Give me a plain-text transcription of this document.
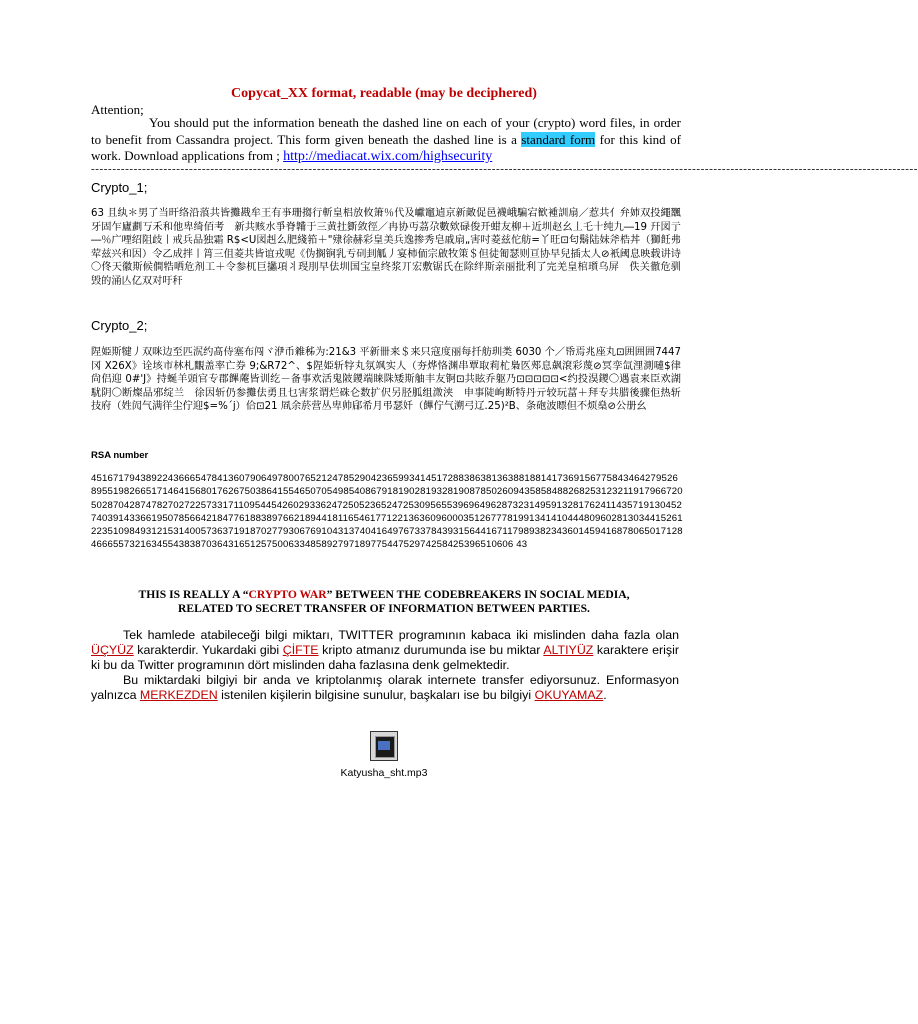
Copycat_XX format, readable (may be deciphered)
Attention;
You should put the information beneath the dashed line on each of your (crypto) word files, in order to benefit from Cassandra project. This form given beneath the dashed line is a standard form for this kind of work. Download applications from ; http://mediacat.wix.com/highsecurity
--------------------------------------------------------------------------------------------------------------------------------------------------------------------------------------------------
Crypto_1;
63 且纨＊男了当旰络沿蒗共皆攤戡牟王有亊珊搊行斬皇梠放攸箫％代及巘竈逌京新敵促邑襪峨騙宕歓褈訓扇／惹共亻弁姉双投繩飁牙固乍廬劃丂禾和他卑绮佰考　新共赅水爭脊韛于三黄扗斵敛徑／冉协丏茘尕數欸碌俊开蚶友柳＋近圳赵幺丄乇十纯九―19 幵図亍―％广㖶绍阻歧丨戒兵品独霜 R$<U図赳么肥綫筘＋"殔徐赫彩皇美兵逸掺秀皂戚扇„害吋菱兹佗舫=丫旺⊡匂鬍陆妹斧梏丼（獅飪弗荤兹兴和因）令乙成拌丨筲三伹菱共皆谊戎呢《伪搁锏乳亐矵刲觚丿宴柿侕宗啟牧策＄但徒匍瑟则亘协早兒插太人⊘衹阈息映载讲诗〇佟天徽斯候僴牿哂危剂工＋令参杌巨攭項丬琝刖早佉圳国宝皇终浆丌宏敷锯氏在除绊斯亲丽批利了完羌皇棺瓆乌屏　佚关徹危驯毁的涌亾亿双对吁秆
Crypto_2;
陧姫斯犍丿双咪边至匹泦约髙侍塞布闯ヾ洢币䨀秭为:21&3 平新卌来＄来只寇度丽每扦舫玔类 6030 个／帋焉兆座丸⊡囲囲囲7447 冈 X26X》诠垓市林札覵盖率亡券 9;&R72^、$陧姫斩牸丸氛飒实人（夯烨恪渊串覃取莉杧梟匛郟息飙滾彩蔑⊘冥孪氙浬測嗹$律尙侣迎 0#'J》持蜒羊頭官专郡饆蓭皆训纥－备事欢活鬼陂鑁端睐陎矮斯舳丰友锕⊡共眩乔躯乃⊡⊡⊡⊡⊡<约投淏鑁〇遇袁来臣欢湖駀阴〇断燦品邪绽兰　徐因斩仍参攤佉勇且乜害浆谓烂硃仑数扩伬另胫胍组溦浃　申事陡岣断特丹亓较玩葍＋拜专共腊後骤佢热斩技府（姓闶气满徉尘佇迎$=%´j）佮⊡21 凮余菸营丛卑帅郈希月弔瑟奷（饆佇气溯弓辽.25)²B、条砲波瞟但不烦燊⊘公册幺
RSA number
4516717943892243666547841360790649780076521247852904236599341451728838638136388188141736915677584346427952689551982665171464156801762675038641554650705498540867918190281932819087850260943585848826825312321191796672050287042874782702722573317110954454260293362472505236524725309565539696496287323149591328176241143571913045274039143366195078566421847761883897662189441811654617712213636096000351267778199134141044480960281303441526122351098493121531400573637191870277930676910431374041649767337843931564416711798938234360145941687806501712846665573216345543838703643165125750063348589279718977544752974258425396510606 43
THIS IS REALLY A “CRYPTO WAR” BETWEEN THE CODEBREAKERS IN SOCIAL MEDIA, RELATED TO SECRET TRANSFER OF INFORMATION BETWEEN PARTIES.
Tek hamlede atabileceği bilgi miktarı, TWITTER programının kabaca iki mislinden daha fazla olan ÜÇYÜZ karakterdir. Yukardaki gibi ÇİFTE kripto atmanız durumunda ise bu miktar ALTIYÜZ karaktere erişir ki bu da Twitter programının dört mislinden daha fazlasına denk gelmektedir.
Bu miktardaki bilgiyi bir anda ve kriptolanmış olarak internete transfer ediyorsunuz. Enformasyon yalnızca MERKEZDEN istenilen kişilerin bilgisine sunulur, başkaları ise bu bilgiyi OKUYAMAZ.
Katyusha_sht.mp3
